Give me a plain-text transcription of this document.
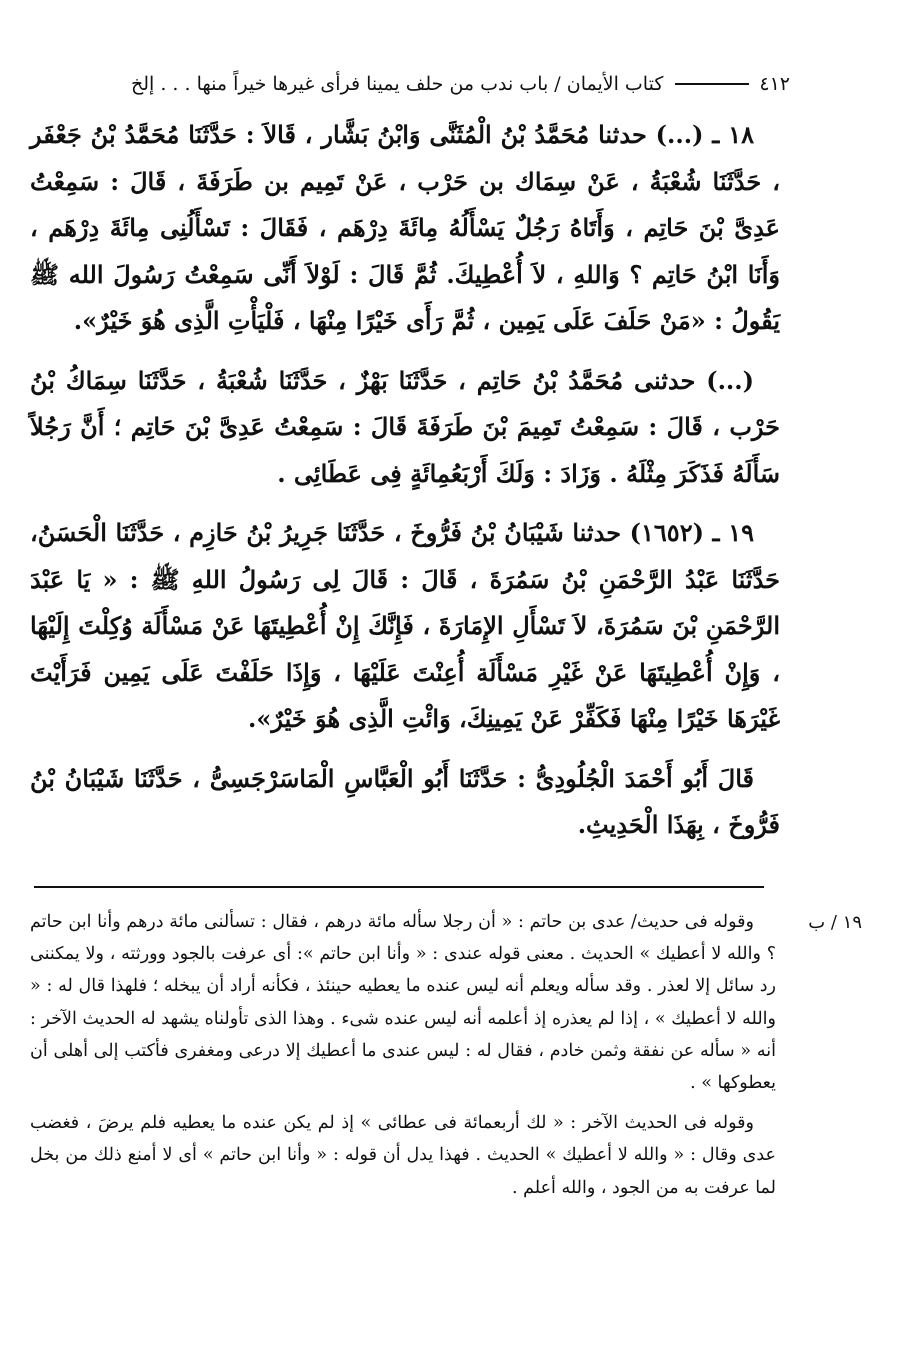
٤١٢
كتاب الأيمان / باب ندب من حلف يمينا فرأى غيرها خيراً منها . . . إلخ

١٨ ـ (...) حدثنا مُحَمَّدُ بْنُ الْمُثَنَّى وَابْنُ بَشَّار ، قَالاَ : حَدَّثَنَا مُحَمَّدُ بْنُ جَعْفَر ، حَدَّثَنَا شُعْبَةُ ، عَنْ سِمَاك بن حَرْب ، عَنْ تَمِيم بن طَرَفَةَ ، قَالَ : سَمِعْتُ عَدِىَّ بْنَ حَاتِم ، وَأَتَاهُ رَجُلٌ يَسْأَلُهُ مِائَةَ دِرْهَم ، فَقَالَ : تَسْأَلُنِى مِائَةَ دِرْهَم ، وَأَنَا ابْنُ حَاتِم ؟ وَاللهِ ، لاَ أُعْطِيكَ. ثُمَّ قَالَ : لَوْلاَ أَنِّى سَمِعْتُ رَسُولَ الله ﷺ يَقُولُ : «مَنْ حَلَفَ عَلَى يَمِين ، ثُمَّ رَأَى خَيْرًا مِنْهَا ، فَلْيَأْتِ الَّذِى هُوَ خَيْرٌ».

(...) حدثنى مُحَمَّدُ بْنُ حَاتِم ، حَدَّثَنَا بَهْزٌ ، حَدَّثَنَا شُعْبَةُ ، حَدَّثَنَا سِمَاكُ بْنُ حَرْب ، قَالَ : سَمِعْتُ تَمِيمَ بْنَ طَرَفَةَ قَالَ : سَمِعْتُ عَدِىَّ بْنَ حَاتِم ؛ أَنَّ رَجُلاً سَأَلَهُ فَذَكَرَ مِثْلَهُ . وَزَادَ : وَلَكَ أَرْبَعُمِائَةٍ فِى عَطَائِى .

١٩ ـ (١٦٥٢) حدثنا شَيْبَانُ بْنُ فَرُّوخَ ، حَدَّثَنَا جَرِيرُ بْنُ حَازِم ، حَدَّثَنَا الْحَسَنُ، حَدَّثَنَا عَبْدُ الرَّحْمَنِ بْنُ سَمُرَةَ ، قَالَ : قَالَ لِى رَسُولُ اللهِ ﷺ : « يَا عَبْدَ الرَّحْمَنِ بْنَ سَمُرَةَ، لاَ تَسْأَلِ الإِمَارَةَ ، فَإِنَّكَ إِنْ أُعْطِيتَهَا عَنْ مَسْأَلَة وُكِلْتَ إِلَيْهَا ، وَإِنْ أُعْطِيتَهَا عَنْ غَيْرِ مَسْأَلَة أُعِنْتَ عَلَيْهَا ، وَإِذَا حَلَفْتَ عَلَى يَمِين فَرَأَيْتَ غَيْرَهَا خَيْرًا مِنْهَا فَكَفِّرْ عَنْ يَمِينِكَ، وَائْتِ الَّذِى هُوَ خَيْرٌ».

قَالَ أَبُو أَحْمَدَ الْجُلُودِىُّ : حَدَّثَنَا أَبُو الْعَبَّاسِ الْمَاسَرْجَسِىُّ ، حَدَّثَنَا شَيْبَانُ بْنُ فَرُّوخَ ، بِهَذَا الْحَدِيثِ.

١٩ / ب

وقوله فى حديث/ عدى بن حاتم : « أن رجلا سأله مائة درهم ، فقال : تسألنى مائة درهم وأنا ابن حاتم ؟ والله لا أعطيك » الحديث . معنى قوله عندى : « وأنا ابن حاتم »: أى عرفت بالجود وورثته ، ولا يمكننى رد سائل إلا لعذر . وقد سأله ويعلم أنه ليس عنده ما يعطيه حينئذ ، فكأنه أراد أن يبخله ؛ فلهذا قال له : « والله لا أعطيك » ، إذا لم يعذره إذ أعلمه أنه ليس عنده شىء . وهذا الذى تأولناه يشهد له الحديث الآخر : أنه « سأله عن نفقة وثمن خادم ، فقال له : ليس عندى ما أعطيك إلا درعى ومغفرى فأكتب إلى أهلى أن يعطوكها » .

وقوله فى الحديث الآخر : « لك أربعمائة فى عطائى » إذ لم يكن عنده ما يعطيه فلم يرضَ ، فغضب عدى وقال : « والله لا أعطيك » الحديث . فهذا يدل أن قوله : « وأنا ابن حاتم » أى لا أمنع ذلك من بخل لما عرفت به من الجود ، والله أعلم .
